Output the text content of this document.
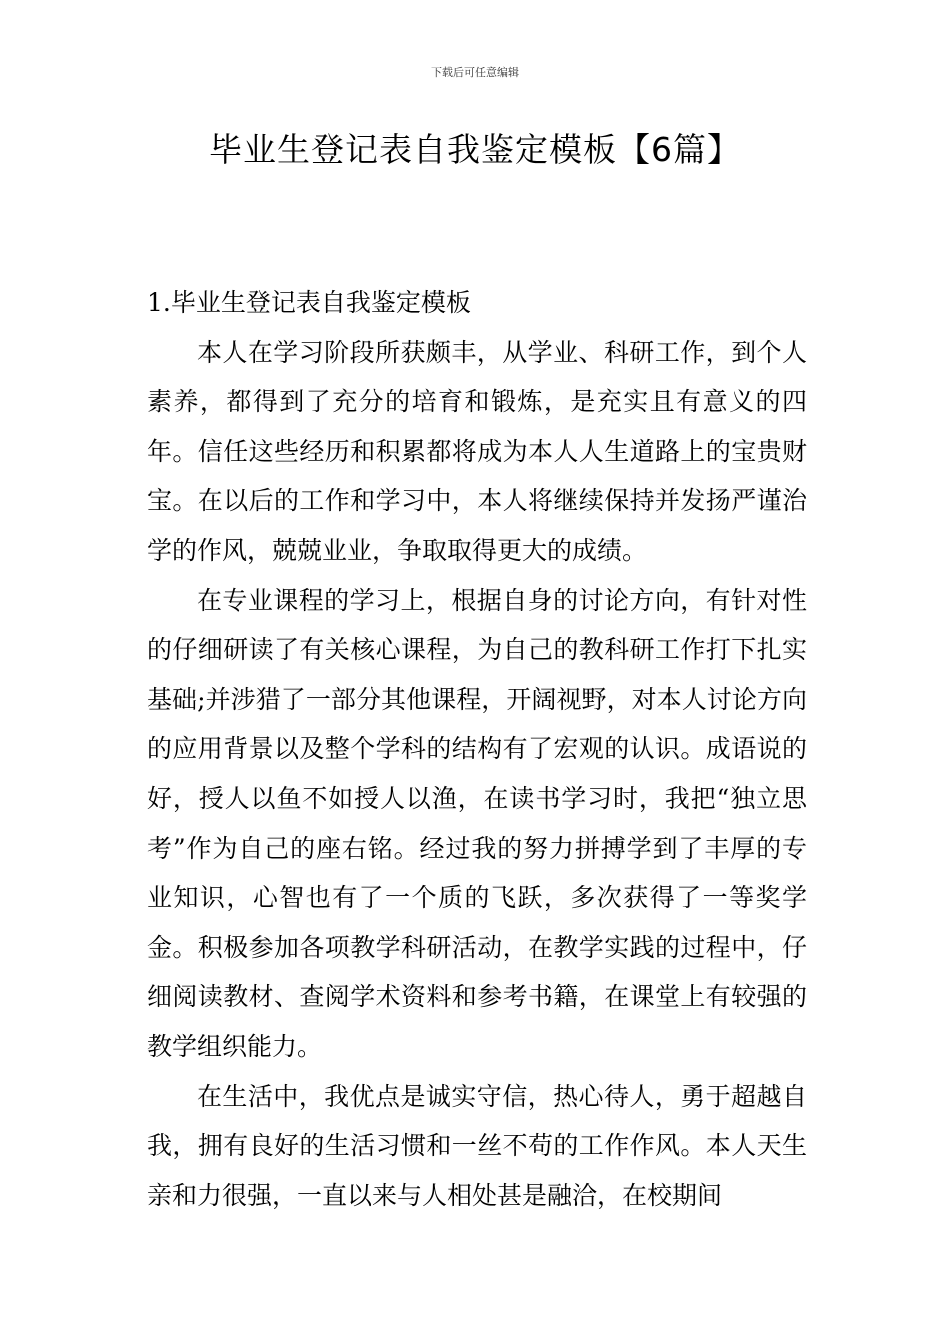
下载后可任意编辑
毕业生登记表自我鉴定模板【6篇】

1.毕业生登记表自我鉴定模板

本人在学习阶段所获颇丰，从学业、科研工作，到个人素养，都得到了充分的培育和锻炼，是充实且有意义的四年。信任这些经历和积累都将成为本人人生道路上的宝贵财宝。在以后的工作和学习中，本人将继续保持并发扬严谨治学的作风，兢兢业业，争取取得更大的成绩。

在专业课程的学习上，根据自身的讨论方向，有针对性的仔细研读了有关核心课程，为自己的教科研工作打下扎实基础;并涉猎了一部分其他课程，开阔视野，对本人讨论方向的应用背景以及整个学科的结构有了宏观的认识。成语说的好，授人以鱼不如授人以渔，在读书学习时，我把“独立思考”作为自己的座右铭。经过我的努力拼搏学到了丰厚的专业知识，心智也有了一个质的飞跃，多次获得了一等奖学金。积极参加各项教学科研活动，在教学实践的过程中，仔细阅读教材、查阅学术资料和参考书籍，在课堂上有较强的教学组织能力。

在生活中，我优点是诚实守信，热心待人，勇于超越自我，拥有良好的生活习惯和一丝不苟的工作作风。本人天生亲和力很强，一直以来与人相处甚是融洽，在校期间
